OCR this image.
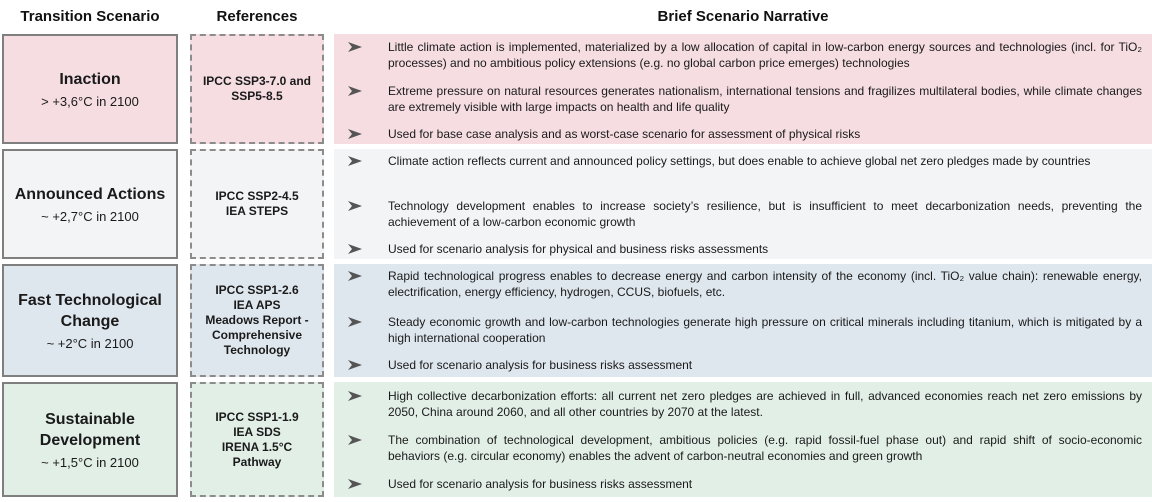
Transition Scenario	References	Brief Scenario Narrative
Inaction
> +3,6°C in 2100
IPCC SSP3-7.0 and
SSP5-8.5
Little climate action is implemented, materialized by a low allocation of capital in low-carbon energy sources and technologies (incl. for TiO₂ processes) and no ambitious policy extensions (e.g. no global carbon price emerges) technologies
Extreme pressure on natural resources generates nationalism, international tensions and fragilizes multilateral bodies, while climate changes are extremely visible with large impacts on health and life quality
Used for base case analysis and as worst-case scenario for assessment of physical risks
Announced Actions
~ +2,7°C in 2100
IPCC SSP2-4.5
IEA STEPS
Climate action reflects current and announced policy settings, but does enable to achieve global net zero pledges made by countries
Technology development enables to increase society’s resilience, but is insufficient to meet decarbonization needs, preventing the achievement of a low-carbon economic growth
Used for scenario analysis for physical and business risks assessments
Fast Technological
Change
~ +2°C in 2100
IPCC SSP1-2.6
IEA APS
Meadows Report -
Comprehensive
Technology
Rapid technological progress enables to decrease energy and carbon intensity of the economy (incl. TiO₂ value chain): renewable energy, electrification, energy efficiency, hydrogen, CCUS, biofuels, etc.
Steady economic growth and low-carbon technologies generate high pressure on critical minerals including titanium, which is mitigated by a high international cooperation
Used for scenario analysis for business risks assessment
Sustainable
Development
~ +1,5°C in 2100
IPCC SSP1-1.9
IEA SDS
IRENA 1.5°C
Pathway
High collective decarbonization efforts: all current net zero pledges are achieved in full, advanced economies reach net zero emissions by 2050, China around 2060, and all other countries by 2070 at the latest.
The combination of technological development, ambitious policies (e.g. rapid fossil-fuel phase out) and rapid shift of socio-economic behaviors (e.g. circular economy) enables the advent of carbon-neutral economies and green growth
Used for scenario analysis for business risks assessment
